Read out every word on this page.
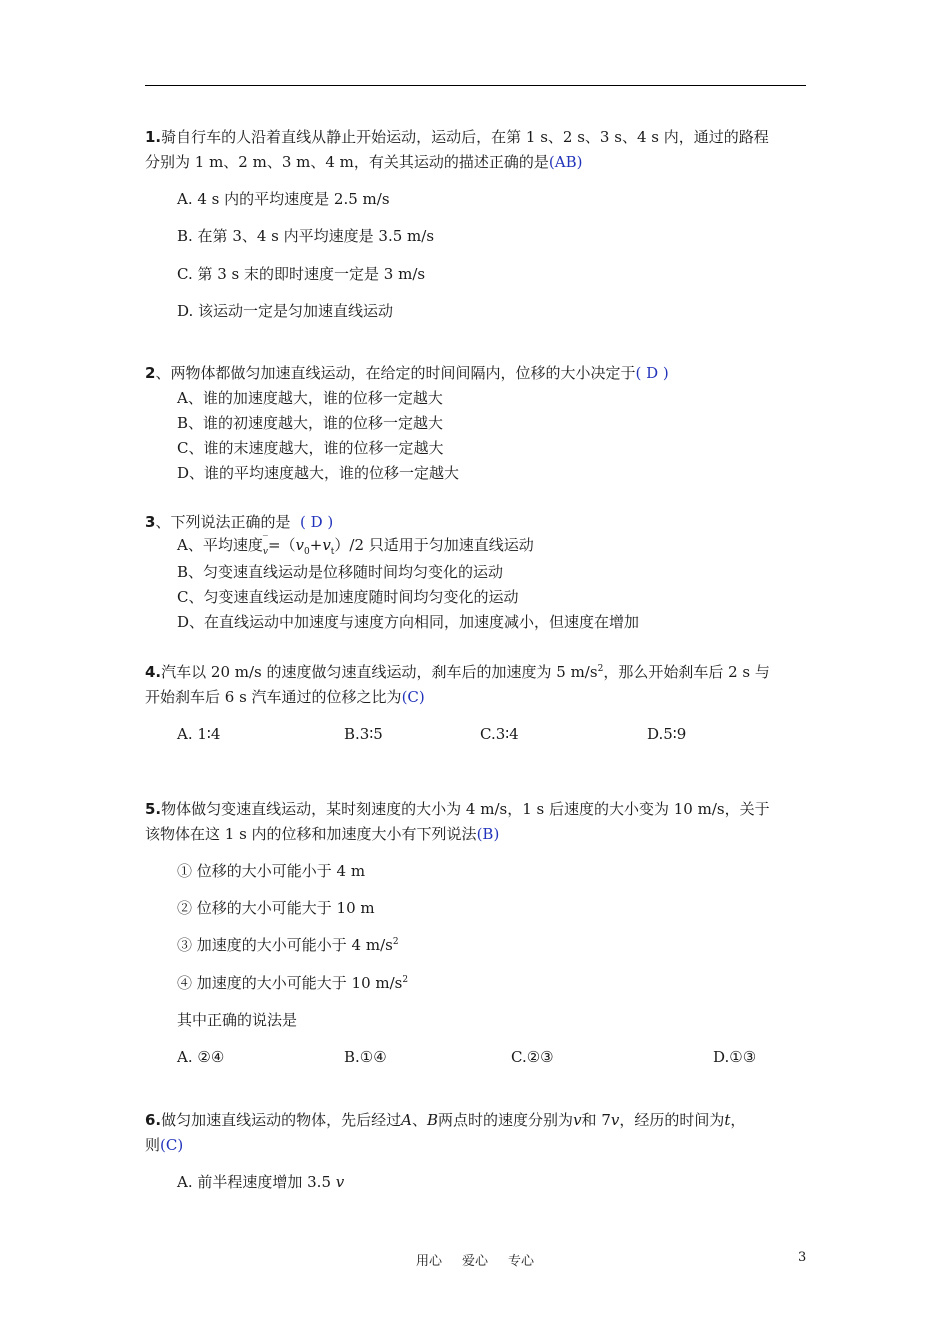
1.骑自行车的人沿着直线从静止开始运动，运动后，在第 1 s、2 s、3 s、4 s 内，通过的路程
分别为 1 m、2 m、3 m、4 m，有关其运动的描述正确的是(AB)
A. 4 s 内的平均速度是 2.5 m/s
B. 在第 3、4 s 内平均速度是 3.5 m/s
C. 第 3 s 末的即时速度一定是 3 m/s
D. 该运动一定是匀加速直线运动
2、两物体都做匀加速直线运动，在给定的时间间隔内，位移的大小决定于( D )
A、谁的加速度越大，谁的位移一定越大
B、谁的初速度越大，谁的位移一定越大
C、谁的末速度越大，谁的位移一定越大
D、谁的平均速度越大，谁的位移一定越大
3、下列说法正确的是 ( D )
A、平均速度 ‾
$_v=(v_0+v_t)/2$ 只适用于匀加速直线运动
B、匀变速直线运动是位移随时间均匀变化的运动
C、匀变速直线运动是加速度随时间均匀变化的运动
D、在直线运动中加速度与速度方向相同，加速度减小，但速度在增加
4.汽车以 20 m/s 的速度做匀速直线运动，刹车后的加速度为 5 $m/s^2$，那么开始刹车后 2 s 与
开始刹车后 6 s 汽车通过的位移之比为(C)
A. 1∶4	B.3∶5	C.3∶4	D.5∶9
5.物体做匀变速直线运动，某时刻速度的大小为 4 m/s，1 s 后速度的大小变为 10 m/s，关于
该物体在这 1 s 内的位移和加速度大小有下列说法(B)
① 位移的大小可能小于 4 m
② 位移的大小可能大于 10 m
③ 加速度的大小可能小于 4 $m/s^2$
④ 加速度的大小可能大于 10 $m/s^2$
其中正确的说法是
A. ②④	B.①④	C.②③	D.①③
6.做匀加速直线运动的物体，先后经过A、B两点时的速度分别为v和 7v，经历的时间为t，
则(C)
A. 前半程速度增加 3.5 v
用心 爱心 专心	3
